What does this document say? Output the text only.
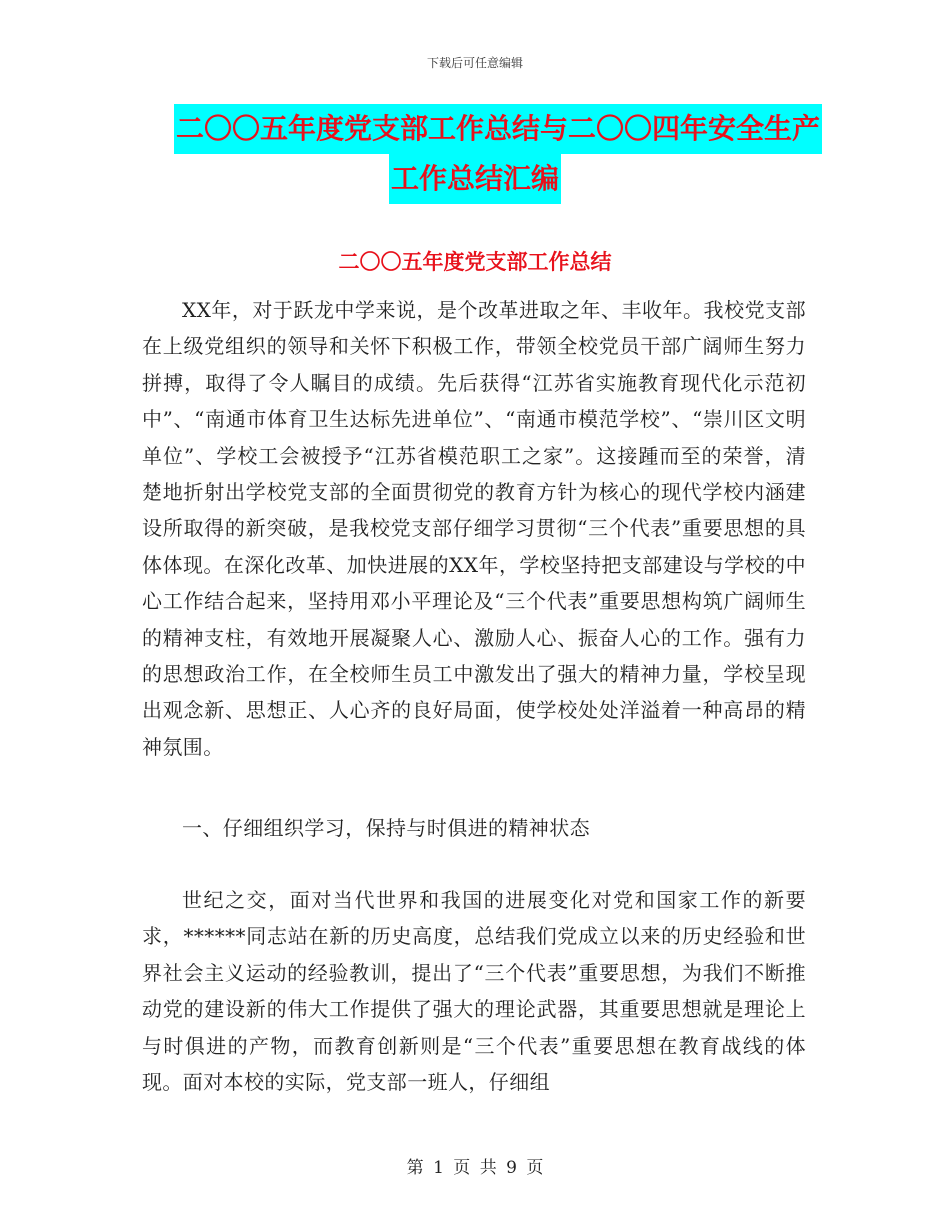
下载后可任意编辑
二〇〇五年度党支部工作总结与二〇〇四年安全生产
工作总结汇编
二〇〇五年度党支部工作总结

XX年，对于跃龙中学来说，是个改革进取之年、丰收年。我校党支部在上级党组织的领导和关怀下积极工作，带领全校党员干部广阔师生努力拼搏，取得了令人瞩目的成绩。先后获得“江苏省实施教育现代化示范初中”、“南通市体育卫生达标先进单位”、“南通市模范学校”、“崇川区文明单位”、学校工会被授予“江苏省模范职工之家”。这接踵而至的荣誉，清楚地折射出学校党支部的全面贯彻党的教育方针为核心的现代学校内涵建设所取得的新突破，是我校党支部仔细学习贯彻“三个代表”重要思想的具体体现。在深化改革、加快进展的XX年，学校坚持把支部建设与学校的中心工作结合起来，坚持用邓小平理论及“三个代表”重要思想构筑广阔师生的精神支柱，有效地开展凝聚人心、激励人心、振奋人心的工作。强有力的思想政治工作，在全校师生员工中激发出了强大的精神力量，学校呈现出观念新、思想正、人心齐的良好局面，使学校处处洋溢着一种高昂的精神氛围。

一、仔细组织学习，保持与时俱进的精神状态

世纪之交，面对当代世界和我国的进展变化对党和国家工作的新要求，******同志站在新的历史高度，总结我们党成立以来的历史经验和世界社会主义运动的经验教训，提出了“三个代表”重要思想，为我们不断推动党的建设新的伟大工作提供了强大的理论武器，其重要思想就是理论上与时俱进的产物，而教育创新则是“三个代表”重要思想在教育战线的体现。面对本校的实际，党支部一班人，仔细组

第 1 页 共 9 页
